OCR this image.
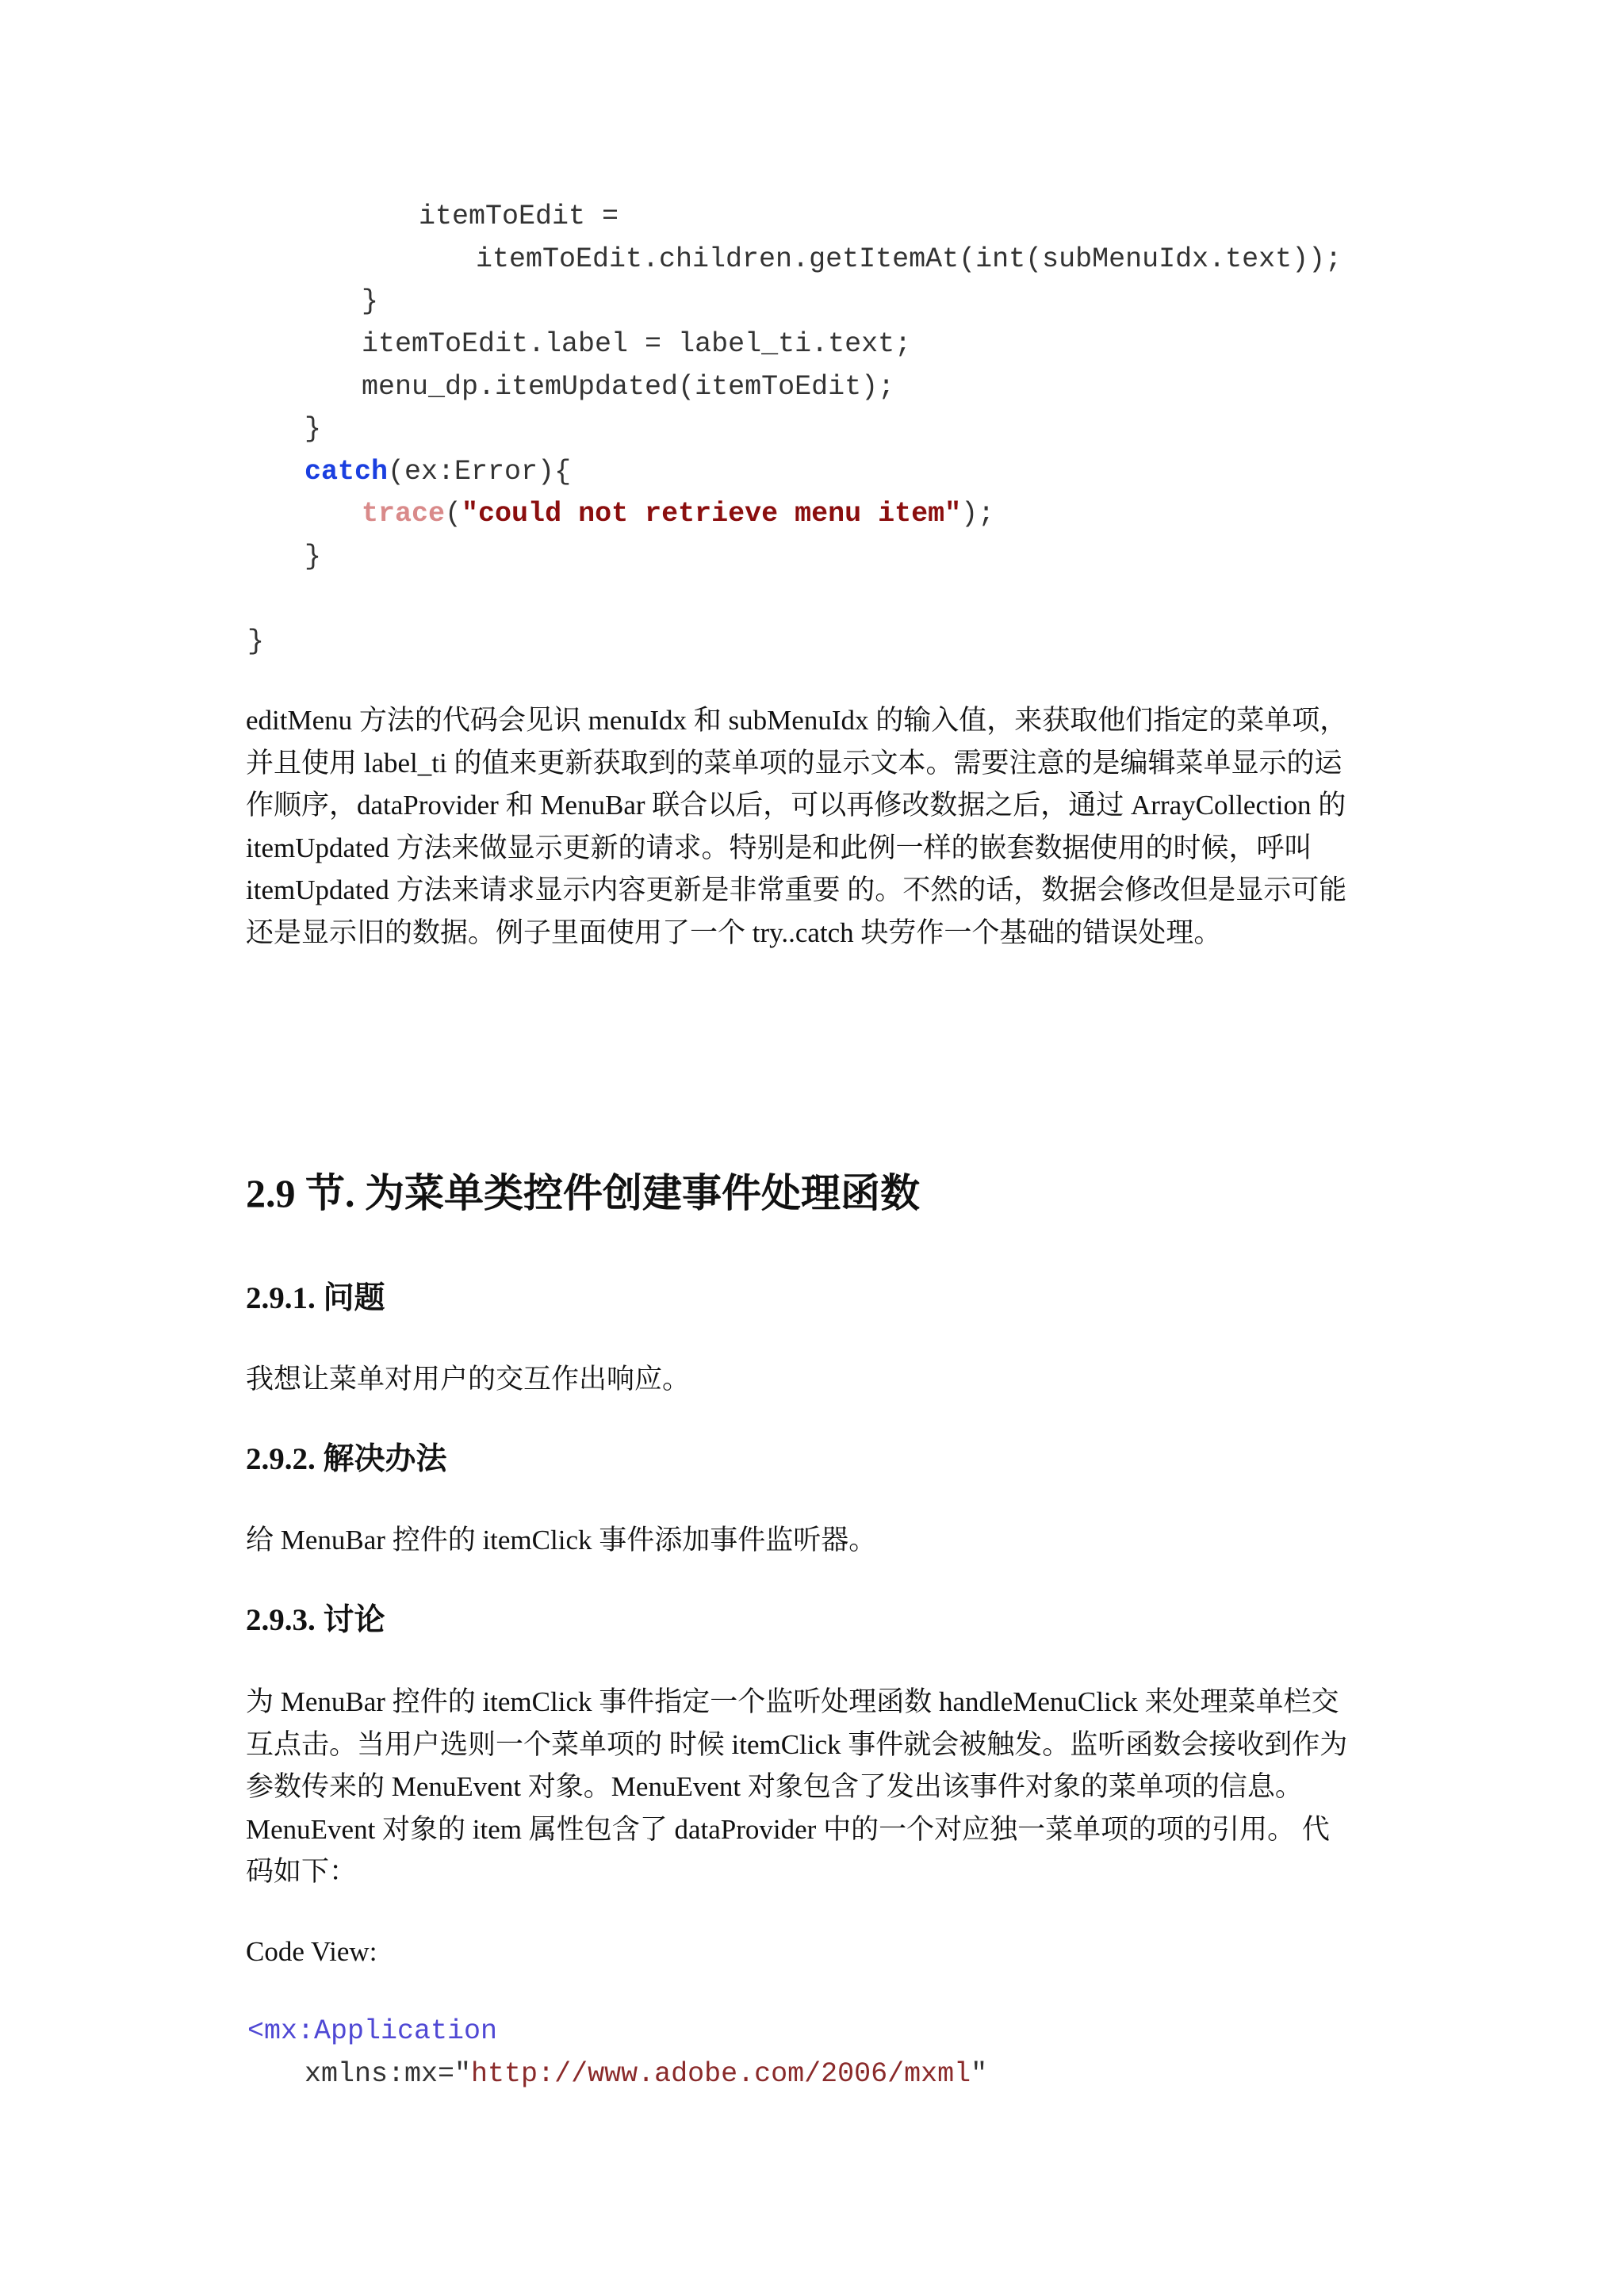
itemToEdit =
itemToEdit.children.getItemAt(int(subMenuIdx.text));
}
itemToEdit.label = label_ti.text;
menu_dp.itemUpdated(itemToEdit);
}
catch(ex:Error){
trace("could not retrieve menu item");
}
}
editMenu 方法的代码会见识 menuIdx 和 subMenuIdx 的输入值，来获取他们指定的菜单项，
并且使用 label_ti 的值来更新获取到的菜单项的显示文本。需要注意的是编辑菜单显示的运
作顺序，dataProvider 和 MenuBar 联合以后，可以再修改数据之后，通过 ArrayCollection 的
itemUpdated 方法来做显示更新的请求。特别是和此例一样的嵌套数据使用的时候，呼叫
itemUpdated 方法来请求显示内容更新是非常重要 的。不然的话，数据会修改但是显示可能
还是显示旧的数据。例子里面使用了一个 try..catch 块劳作一个基础的错误处理。
2.9 节. 为菜单类控件创建事件处理函数
2.9.1. 问题
我想让菜单对用户的交互作出响应。
2.9.2. 解决办法
给 MenuBar 控件的 itemClick 事件添加事件监听器。
2.9.3. 讨论
为 MenuBar 控件的 itemClick 事件指定一个监听处理函数 handleMenuClick 来处理菜单栏交
互点击。当用户选则一个菜单项的 时候 itemClick 事件就会被触发。监听函数会接收到作为
参数传来的 MenuEvent 对象。MenuEvent 对象包含了发出该事件对象的菜单项的信息。
MenuEvent 对象的 item 属性包含了 dataProvider 中的一个对应独一菜单项的项的引用。 代
码如下：
Code View:
<mx:Application
xmlns:mx="http://www.adobe.com/2006/mxml"
